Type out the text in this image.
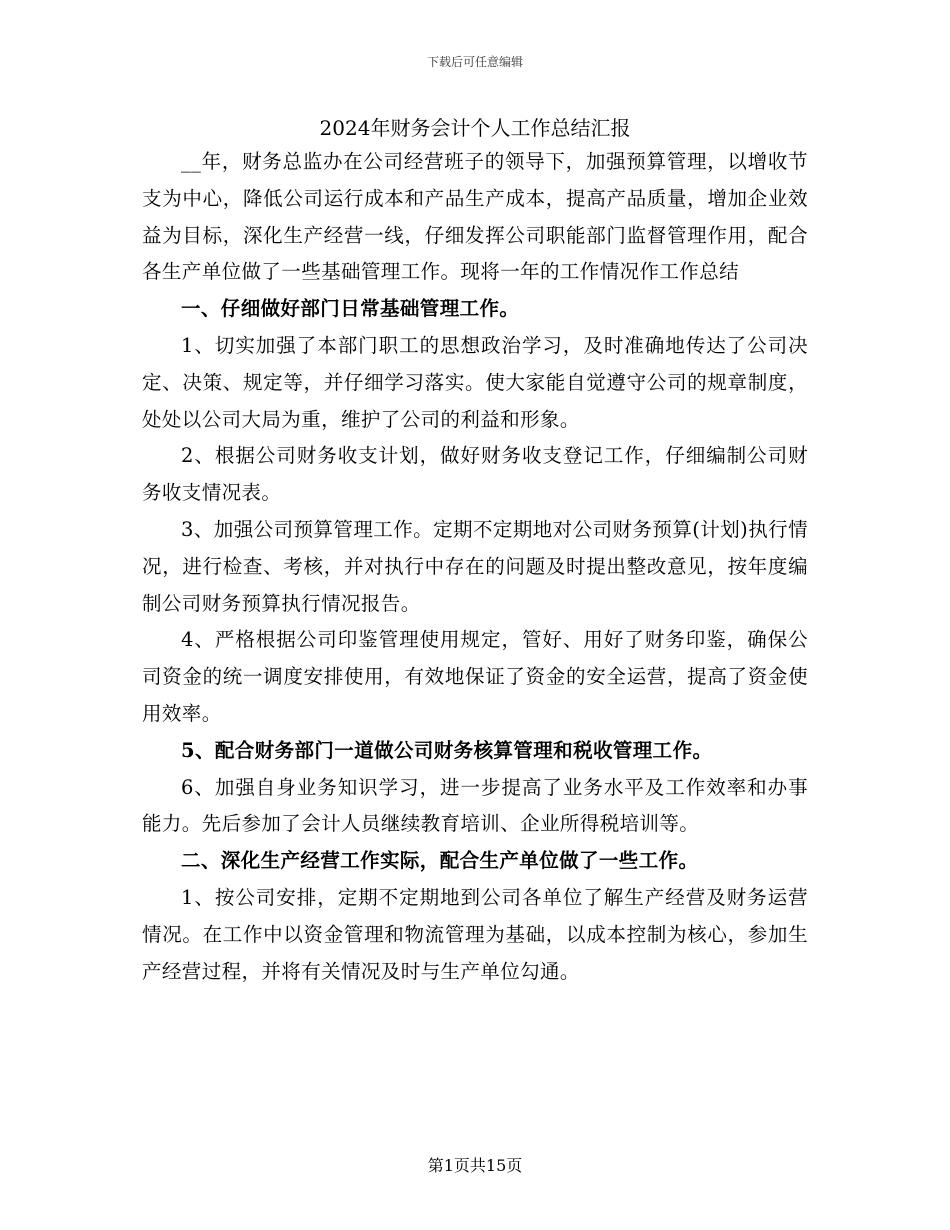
下载后可任意编辑
2024年财务会计个人工作总结汇报

__年，财务总监办在公司经营班子的领导下，加强预算管理，以增收节支为中心，降低公司运行成本和产品生产成本，提高产品质量，增加企业效益为目标，深化生产经营一线，仔细发挥公司职能部门监督管理作用，配合各生产单位做了一些基础管理工作。现将一年的工作情况作工作总结

一、仔细做好部门日常基础管理工作。

1、切实加强了本部门职工的思想政治学习，及时准确地传达了公司决定、决策、规定等，并仔细学习落实。使大家能自觉遵守公司的规章制度，处处以公司大局为重，维护了公司的利益和形象。

2、根据公司财务收支计划，做好财务收支登记工作，仔细编制公司财务收支情况表。

3、加强公司预算管理工作。定期不定期地对公司财务预算(计划)执行情况，进行检查、考核，并对执行中存在的问题及时提出整改意见，按年度编制公司财务预算执行情况报告。

4、严格根据公司印鉴管理使用规定，管好、用好了财务印鉴，确保公司资金的统一调度安排使用，有效地保证了资金的安全运营，提高了资金使用效率。

5、配合财务部门一道做公司财务核算管理和税收管理工作。

6、加强自身业务知识学习，进一步提高了业务水平及工作效率和办事能力。先后参加了会计人员继续教育培训、企业所得税培训等。

二、深化生产经营工作实际，配合生产单位做了一些工作。

1、按公司安排，定期不定期地到公司各单位了解生产经营及财务运营情况。在工作中以资金管理和物流管理为基础，以成本控制为核心，参加生产经营过程，并将有关情况及时与生产单位勾通。

第1页共15页
